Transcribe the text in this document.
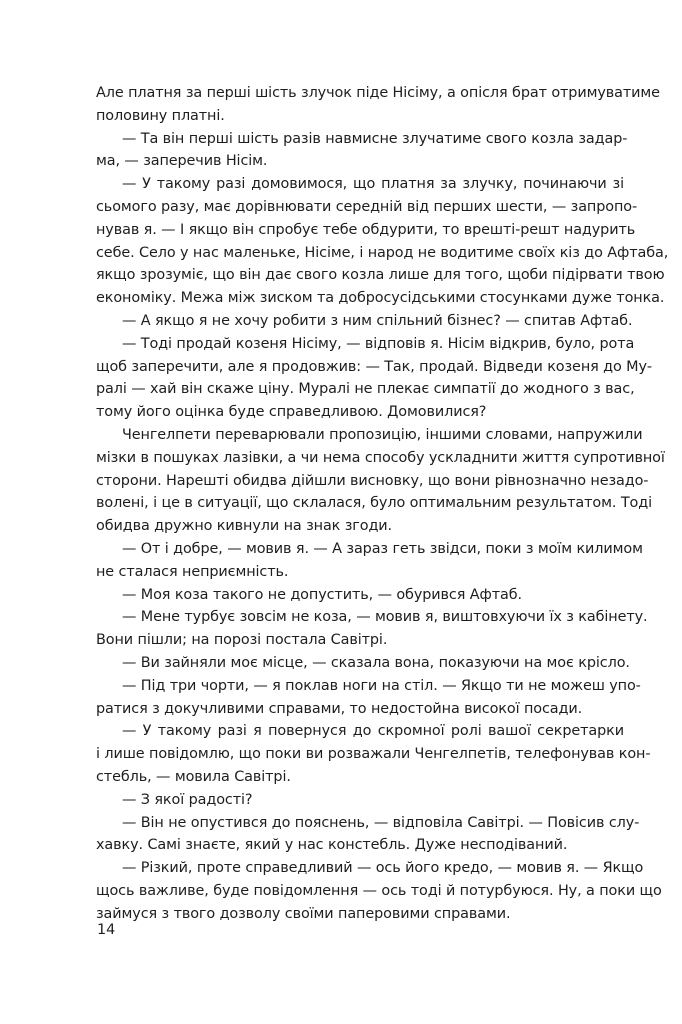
Але платня за перші шість злучок піде Нісіму, а опісля брат отримуватиме
половину платні.

— Та він перші шість разів навмисне злучатиме свого козла задар-
ма, — заперечив Нісім.

— У такому разі домовимося, що платня за злучку, починаючи зі
сьомого разу, має дорівнювати середній від перших шести, — запропо-
нував я. — І якщо він спробує тебе обдурити, то врешті-решт надурить
себе. Село у нас маленьке, Нісіме, і народ не водитиме своїх кіз до Афтаба,
якщо зрозуміє, що він дає свого козла лише для того, щоби підірвати твою
економіку. Межа між зиском та добросусідськими стосунками дуже тонка.

— А якщо я не хочу робити з ним спільний бізнес? — спитав Афтаб.

— Тоді продай козеня Нісіму, — відповів я. Нісім відкрив, було, рота
щоб заперечити, але я продовжив: — Так, продай. Відведи козеня до Му-
ралі — хай він скаже ціну. Муралі не плекає симпатії до жодного з вас,
тому його оцінка буде справедливою. Домовилися?

Ченгелпети переварювали пропозицію, іншими словами, напружили
мізки в пошуках лазівки, а чи нема способу ускладнити життя супротивної
сторони. Нарешті обидва дійшли висновку, що вони рівнозначно незадо-
волені, і це в ситуації, що склалася, було оптимальним результатом. Тоді
обидва дружно кивнули на знак згоди.

— От і добре, — мовив я. — А зараз геть звідси, поки з моїм килимом
не сталася неприємність.

— Моя коза такого не допустить, — обурився Афтаб.

— Мене турбує зовсім не коза, — мовив я, виштовхуючи їх з кабінету.
Вони пішли; на порозі постала Савітрі.

— Ви зайняли моє місце, — сказала вона, показуючи на моє крісло.

— Під три чорти, — я поклав ноги на стіл. — Якщо ти не можеш упо-
ратися з докучливими справами, то недостойна високої посади.

— У такому разі я повернуся до скромної ролі вашої секретарки
і лише повідомлю, що поки ви розважали Ченгелпетів, телефонував кон-
стебль, — мовила Савітрі.

— З якої радості?

— Він не опустився до пояснень, — відповіла Савітрі. — Повісив слу-
хавку. Самі знаєте, який у нас констебль. Дуже несподіваний.

— Різкий, проте справедливий — ось його кредо, — мовив я. — Якщо
щось важливе, буде повідомлення — ось тоді й потурбуюся. Ну, а поки що
займуся з твого дозволу своїми паперовими справами.

14
